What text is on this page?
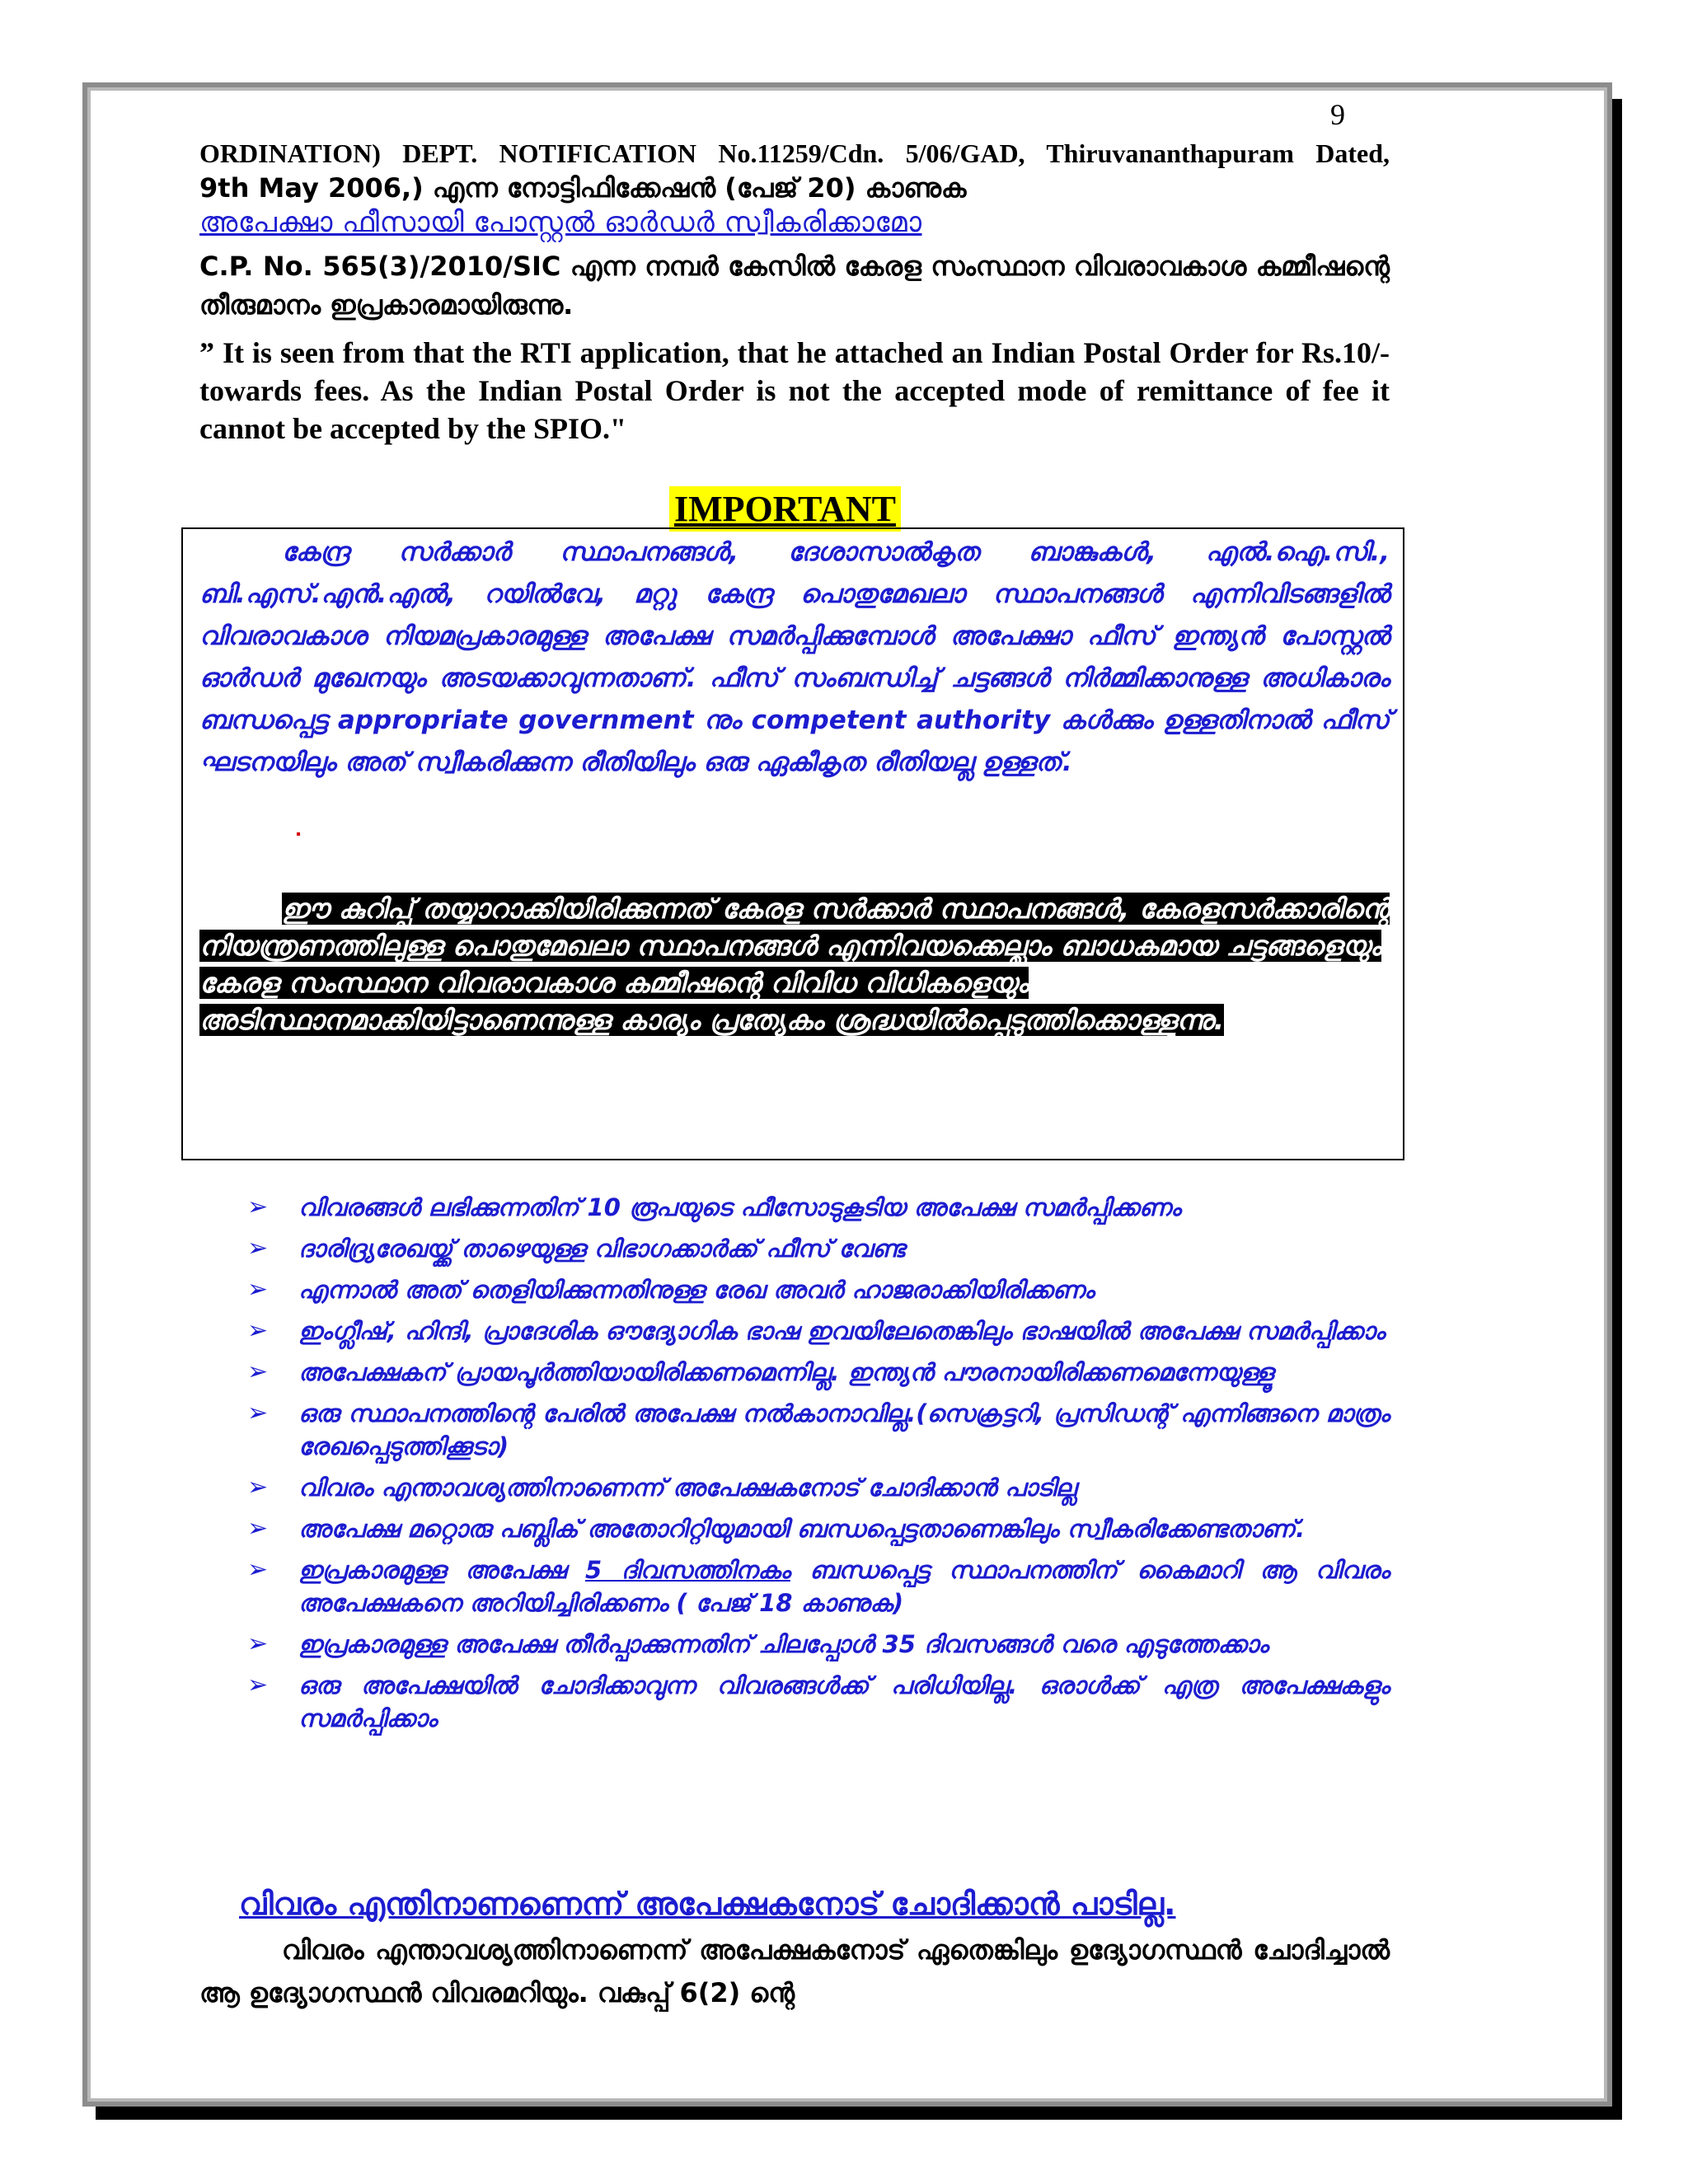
9
ORDINATION) DEPT. NOTIFICATION No.11259/Cdn. 5/06/GAD, Thiruvananthapuram Dated,
9th May 2006,) എന്ന നോട്ടിഫിക്കേഷൻ (പേജ് 20) കാണുക
അപേക്ഷാ ഫീസായി പോസ്റ്റൽ ഓർഡർ സ്വീകരിക്കാമോ
C.P. No. 565(3)/2010/SIC എന്ന നമ്പർ കേസിൽ കേരള സംസ്ഥാന വിവരാവകാശ കമ്മീഷന്റെ തീരുമാനം ഇപ്രകാരമായിരുന്നു.
” It is seen from that the RTI application, that he attached an Indian Postal Order for Rs.10/- towards fees. As the Indian Postal Order is not the accepted mode of remittance of fee it cannot be accepted by the SPIO."
IMPORTANT
കേന്ദ്ര സർക്കാർ സ്ഥാപനങ്ങൾ, ദേശാസാൽകൃത ബാങ്കുകൾ, എൽ.ഐ.സി., ബി.എസ്.എൻ.എൽ, റയിൽവേ, മറ്റു കേന്ദ്ര പൊതുമേഖലാ സ്ഥാപനങ്ങൾ എന്നിവിടങ്ങളിൽ വിവരാവകാശ നിയമപ്രകാരമുള്ള അപേക്ഷ സമർപ്പിക്കുമ്പോൾ അപേക്ഷാ ഫീസ് ഇന്ത്യൻ പോസ്റ്റൽ ഓർഡർ മുഖേനയും അടയക്കാവുന്നതാണ്. ഫീസ് സംബന്ധിച്ച് ചട്ടങ്ങൾ നിർമ്മിക്കാനുള്ള അധികാരം ബന്ധപ്പെട്ട appropriate government നും competent authority കൾക്കും ഉള്ളതിനാൽ ഫീസ് ഘടനയിലും അത് സ്വീകരിക്കുന്ന രീതിയിലും ഒരു ഏകീകൃത രീതിയല്ല ഉള്ളത്.
ഈ കുറിപ്പ് തയ്യാറാക്കിയിരിക്കുന്നത് കേരള സർക്കാർ സ്ഥാപനങ്ങൾ, കേരളസർക്കാരിന്റെ നിയന്ത്രണത്തിലുള്ള പൊതുമേഖലാ സ്ഥാപനങ്ങൾ എന്നിവയക്കെല്ലാം ബാധകമായ ചട്ടങ്ങളെയും കേരള സംസ്ഥാന വിവരാവകാശ കമ്മീഷന്റെ വിവിധ വിധികളെയും അടിസ്ഥാനമാക്കിയിട്ടാണെന്നുള്ള കാര്യം പ്രത്യേകം ശ്രദ്ധയിൽപ്പെടുത്തിക്കൊള്ളുന്നു.
➢ വിവരങ്ങൾ ലഭിക്കുന്നതിന് 10 രൂപയുടെ ഫീസോടുകൂടിയ അപേക്ഷ സമർപ്പിക്കണം
➢ ദാരിദ്ര്യരേഖയ്ക്ക് താഴെയുള്ള വിഭാഗക്കാർക്ക് ഫീസ് വേണ്ട
➢ എന്നാൽ അത് തെളിയിക്കുന്നതിനുള്ള രേഖ അവർ ഹാജരാക്കിയിരിക്കണം
➢ ഇംഗ്ലീഷ്, ഹിന്ദി, പ്രാദേശിക ഔദ്യോഗിക ഭാഷ ഇവയിലേതെങ്കിലും ഭാഷയിൽ അപേക്ഷ സമർപ്പിക്കാം
➢ അപേക്ഷകന് പ്രായപൂർത്തിയായിരിക്കണമെന്നില്ല. ഇന്ത്യൻ പൗരനായിരിക്കണമെന്നേയുള്ളൂ
➢ ഒരു സ്ഥാപനത്തിന്റെ പേരിൽ അപേക്ഷ നൽകാനാവില്ല.(സെക്രട്ടറി, പ്രസിഡന്റ് എന്നിങ്ങനെ മാത്രം രേഖപ്പെടുത്തിക്കൂടാ)
➢ വിവരം എന്താവശ്യത്തിനാണെന്ന് അപേക്ഷകനോട് ചോദിക്കാൻ പാടില്ല
➢ അപേക്ഷ മറ്റൊരു പബ്ലിക് അതോറിറ്റിയുമായി ബന്ധപ്പെട്ടതാണെങ്കിലും സ്വീകരിക്കേണ്ടതാണ്.
➢ ഇപ്രകാരമുള്ള അപേക്ഷ 5 ദിവസത്തിനകം ബന്ധപ്പെട്ട സ്ഥാപനത്തിന് കൈമാറി ആ വിവരം അപേക്ഷകനെ അറിയിച്ചിരിക്കണം ( പേജ് 18 കാണുക)
➢ ഇപ്രകാരമുള്ള അപേക്ഷ തീർപ്പാക്കുന്നതിന് ചിലപ്പോൾ 35 ദിവസങ്ങൾ വരെ എടുത്തേക്കാം
➢ ഒരു അപേക്ഷയിൽ ചോദിക്കാവുന്ന വിവരങ്ങൾക്ക് പരിധിയില്ല. ഒരാൾക്ക് എത്ര അപേക്ഷകളും സമർപ്പിക്കാം
വിവരം എന്തിനാണണെന്ന് അപേക്ഷകനോട് ചോദിക്കാൻ പാടില്ല.
വിവരം എന്താവശ്യത്തിനാണെന്ന് അപേക്ഷകനോട് ഏതെങ്കിലും ഉദ്യോഗസ്ഥൻ ചോദിച്ചാൽ ആ ഉദ്യോഗസ്ഥൻ വിവരമറിയും. വകുപ്പ് 6(2) ന്റെ
